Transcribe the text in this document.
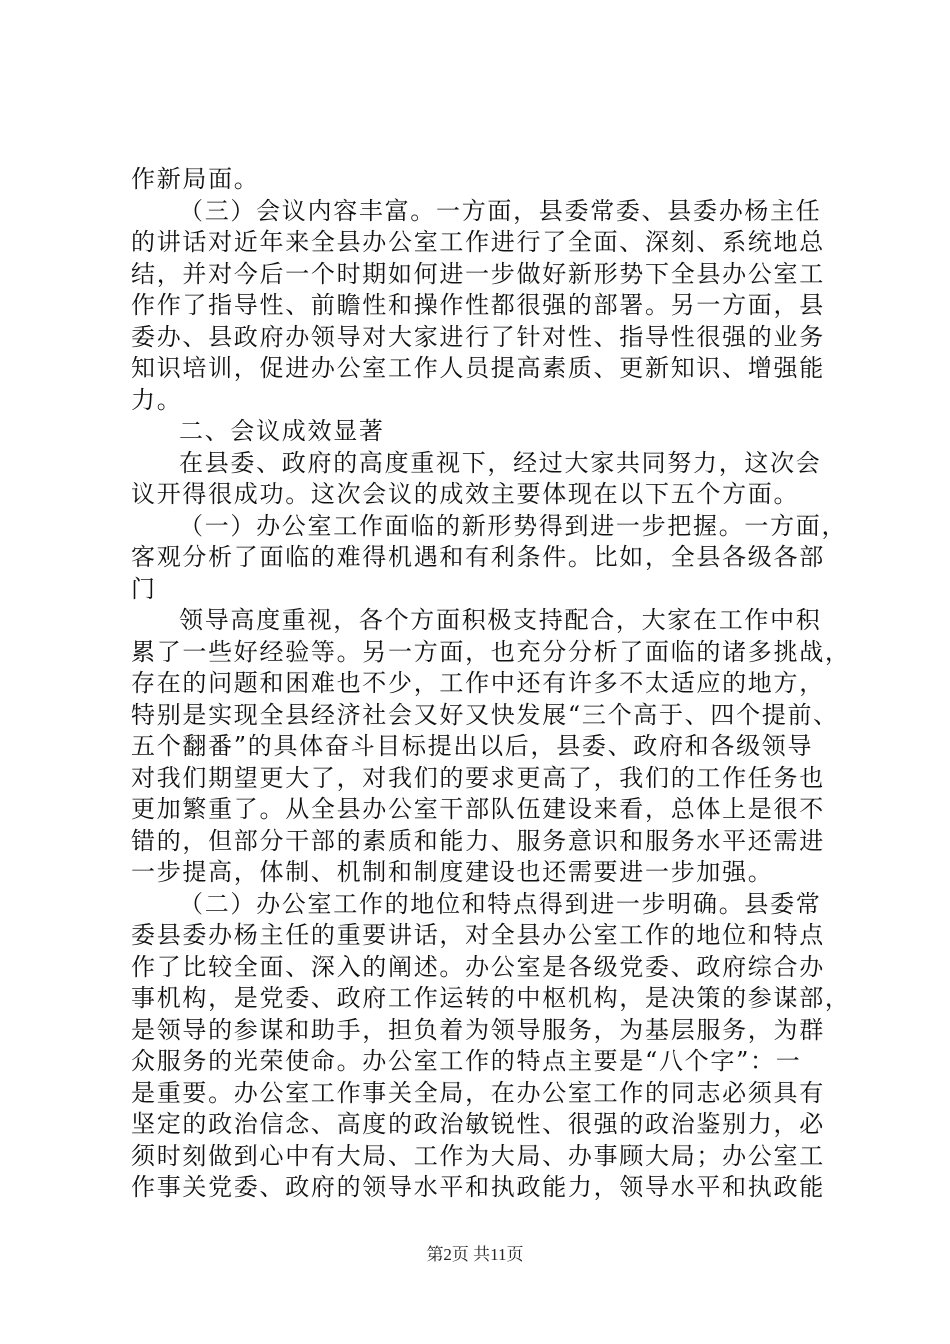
作新局面。
（三）会议内容丰富。一方面，县委常委、县委办杨主任
的讲话对近年来全县办公室工作进行了全面、深刻、系统地总
结，并对今后一个时期如何进一步做好新形势下全县办公室工
作作了指导性、前瞻性和操作性都很强的部署。另一方面，县
委办、县政府办领导对大家进行了针对性、指导性很强的业务
知识培训，促进办公室工作人员提高素质、更新知识、增强能
力。
二、会议成效显著
在县委、政府的高度重视下，经过大家共同努力，这次会
议开得很成功。这次会议的成效主要体现在以下五个方面。
（一）办公室工作面临的新形势得到进一步把握。一方面，
客观分析了面临的难得机遇和有利条件。比如，全县各级各部
门
领导高度重视，各个方面积极支持配合，大家在工作中积
累了一些好经验等。另一方面，也充分分析了面临的诸多挑战，
存在的问题和困难也不少，工作中还有许多不太适应的地方，
特别是实现全县经济社会又好又快发展“三个高于、四个提前、
五个翻番”的具体奋斗目标提出以后，县委、政府和各级领导
对我们期望更大了，对我们的要求更高了，我们的工作任务也
更加繁重了。从全县办公室干部队伍建设来看，总体上是很不
错的，但部分干部的素质和能力、服务意识和服务水平还需进
一步提高，体制、机制和制度建设也还需要进一步加强。
（二）办公室工作的地位和特点得到进一步明确。县委常
委县委办杨主任的重要讲话，对全县办公室工作的地位和特点
作了比较全面、深入的阐述。办公室是各级党委、政府综合办
事机构，是党委、政府工作运转的中枢机构，是决策的参谋部，
是领导的参谋和助手，担负着为领导服务，为基层服务，为群
众服务的光荣使命。办公室工作的特点主要是“八个字”：一
是重要。办公室工作事关全局，在办公室工作的同志必须具有
坚定的政治信念、高度的政治敏锐性、很强的政治鉴别力，必
须时刻做到心中有大局、工作为大局、办事顾大局；办公室工
作事关党委、政府的领导水平和执政能力，领导水平和执政能
第2页 共11页
